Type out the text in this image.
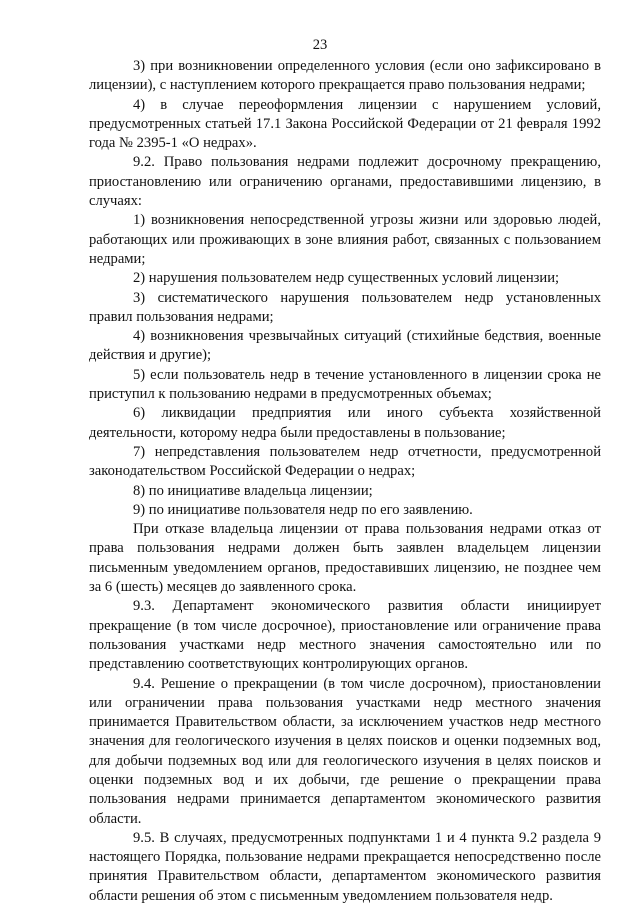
23

3) при возникновении определенного условия (если оно зафиксировано в лицензии), с наступлением которого прекращается право пользования недрами;

4) в случае переоформления лицензии с нарушением условий, предусмотренных статьей 17.1 Закона Российской Федерации от 21 февраля 1992 года № 2395-1 «О недрах».

9.2. Право пользования недрами подлежит досрочному прекращению, приостановлению или ограничению органами, предоставившими лицензию, в случаях:

1) возникновения непосредственной угрозы жизни или здоровью людей, работающих или проживающих в зоне влияния работ, связанных с пользованием недрами;

2) нарушения пользователем недр существенных условий лицензии;

3) систематического нарушения пользователем недр установленных правил пользования недрами;

4) возникновения чрезвычайных ситуаций (стихийные бедствия, военные действия и другие);

5) если пользователь недр в течение установленного в лицензии срока не приступил к пользованию недрами в предусмотренных объемах;

6) ликвидации предприятия или иного субъекта хозяйственной деятельности, которому недра были предоставлены в пользование;

7) непредставления пользователем недр отчетности, предусмотренной законодательством Российской Федерации о недрах;

8) по инициативе владельца лицензии;

9) по инициативе пользователя недр по его заявлению.

При отказе владельца лицензии от права пользования недрами отказ от права пользования недрами должен быть заявлен владельцем лицензии письменным уведомлением органов, предоставивших лицензию, не позднее чем за 6 (шесть) месяцев до заявленного срока.

9.3. Департамент экономического развития области инициирует прекращение (в том числе досрочное), приостановление или ограничение права пользования участками недр местного значения самостоятельно или по представлению соответствующих контролирующих органов.

9.4. Решение о прекращении (в том числе досрочном), приостановлении или ограничении права пользования участками недр местного значения принимается Правительством области, за исключением участков недр местного значения для геологического изучения в целях поисков и оценки подземных вод, для добычи подземных вод или для геологического изучения в целях поисков и оценки подземных вод и их добычи, где решение о прекращении права пользования недрами принимается департаментом экономического развития области.

9.5. В случаях, предусмотренных подпунктами 1 и 4 пункта 9.2 раздела 9 настоящего Порядка, пользование недрами прекращается непосредственно после принятия Правительством области, департаментом экономического развития области решения об этом с письменным уведомлением пользователя недр.
